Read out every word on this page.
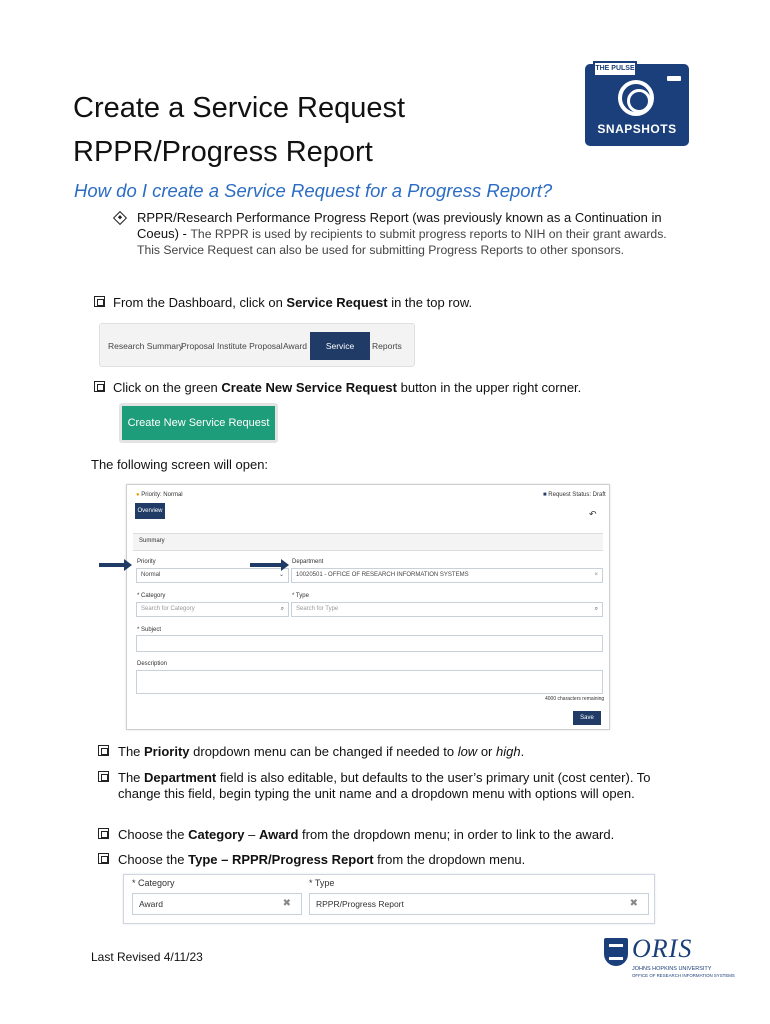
Create a Service Request
RPPR/Progress Report
How do I create a Service Request for a Progress Report?
THE PULSE
SNAPSHOTS
RPPR/Research Performance Progress Report (was previously known as a Continuation in Coeus) - The RPPR is used by recipients to submit progress reports to NIH on their grant awards. This Service Request can also be used for submitting Progress Reports to other sponsors.
From the Dashboard, click on Service Request in the top row.
Research Summary
Proposal Institute Proposal Award	Service Request
Reports
Click on the green Create New Service Request button in the upper right corner.
Create New Service Request
The following screen will open:
● Priority: Normal	■ Request Status: Draft
Overview	↶
Summary
Priority
Normal	⌄
Department
10020501 - OFFICE OF RESEARCH INFORMATION SYSTEMS	×
* Category
Search for Category	⌕
* Type
Search for Type	⌕
* Subject
Description
4000 characters remaining
Save
The Priority dropdown menu can be changed if needed to low or high.
The Department field is also editable, but defaults to the user’s primary unit (cost center). To change this field, begin typing the unit name and a dropdown menu with options will open.
Choose the Category – Award from the dropdown menu; in order to link to the award.
Choose the Type – RPPR/Progress Report from the dropdown menu.
* Category
Award	✖
* Type
RPPR/Progress Report	✖
Last Revised 4/11/23	ORIS
JOHNS HOPKINS UNIVERSITY
OFFICE OF RESEARCH INFORMATION SYSTEMS
